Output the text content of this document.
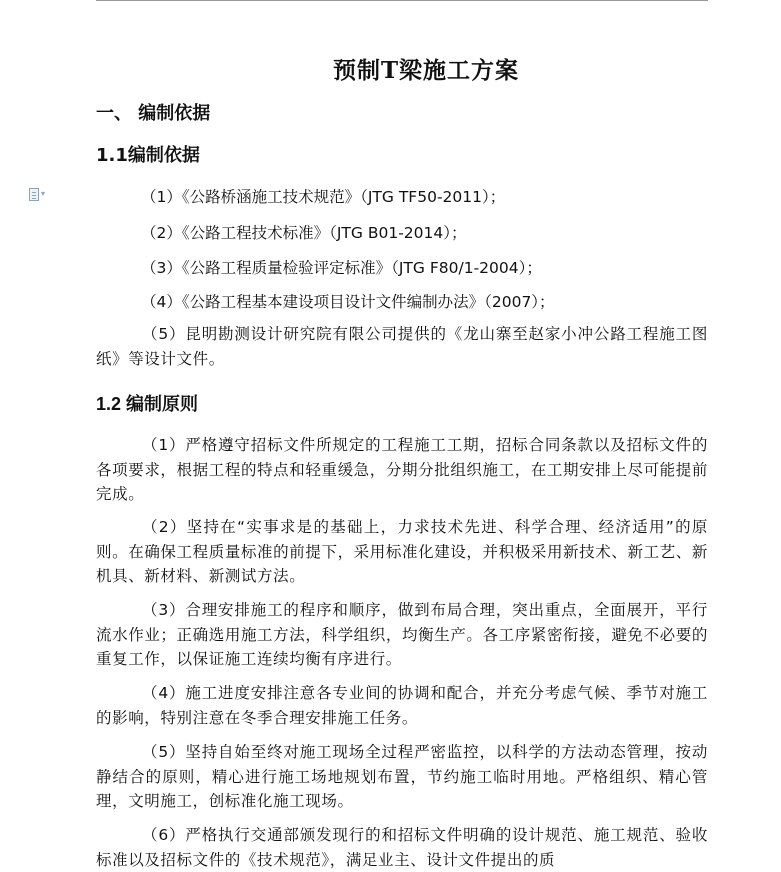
▾
预制T梁施工方案
一、 编制依据
1.1编制依据
（1）《公路桥涵施工技术规范》（JTG TF50-2011）；
（2）《公路工程技术标准》（JTG B01-2014）；
（3）《公路工程质量检验评定标准》（JTG F80/1-2004）；
（4）《公路工程基本建设项目设计文件编制办法》（2007）；
（5）昆明勘测设计研究院有限公司提供的《龙山寨至赵家小冲公路工程施工图纸》等设计文件。
1.2 编制原则
（1）严格遵守招标文件所规定的工程施工工期，招标合同条款以及招标文件的各项要求，根据工程的特点和轻重缓急，分期分批组织施工，在工期安排上尽可能提前完成。
（2）坚持在“实事求是的基础上，力求技术先进、科学合理、经济适用”的原则。在确保工程质量标准的前提下，采用标准化建设，并积极采用新技术、新工艺、新机具、新材料、新测试方法。
（3）合理安排施工的程序和顺序，做到布局合理，突出重点，全面展开，平行流水作业；正确选用施工方法，科学组织，均衡生产。各工序紧密衔接，避免不必要的重复工作，以保证施工连续均衡有序进行。
（4）施工进度安排注意各专业间的协调和配合，并充分考虑气候、季节对施工的影响，特别注意在冬季合理安排施工任务。
（5）坚持自始至终对施工现场全过程严密监控，以科学的方法动态管理，按动静结合的原则，精心进行施工场地规划布置，节约施工临时用地。严格组织、精心管理，文明施工，创标准化施工现场。
（6）严格执行交通部颁发现行的和招标文件明确的设计规范、施工规范、验收标准以及招标文件的《技术规范》，满足业主、设计文件提出的质
